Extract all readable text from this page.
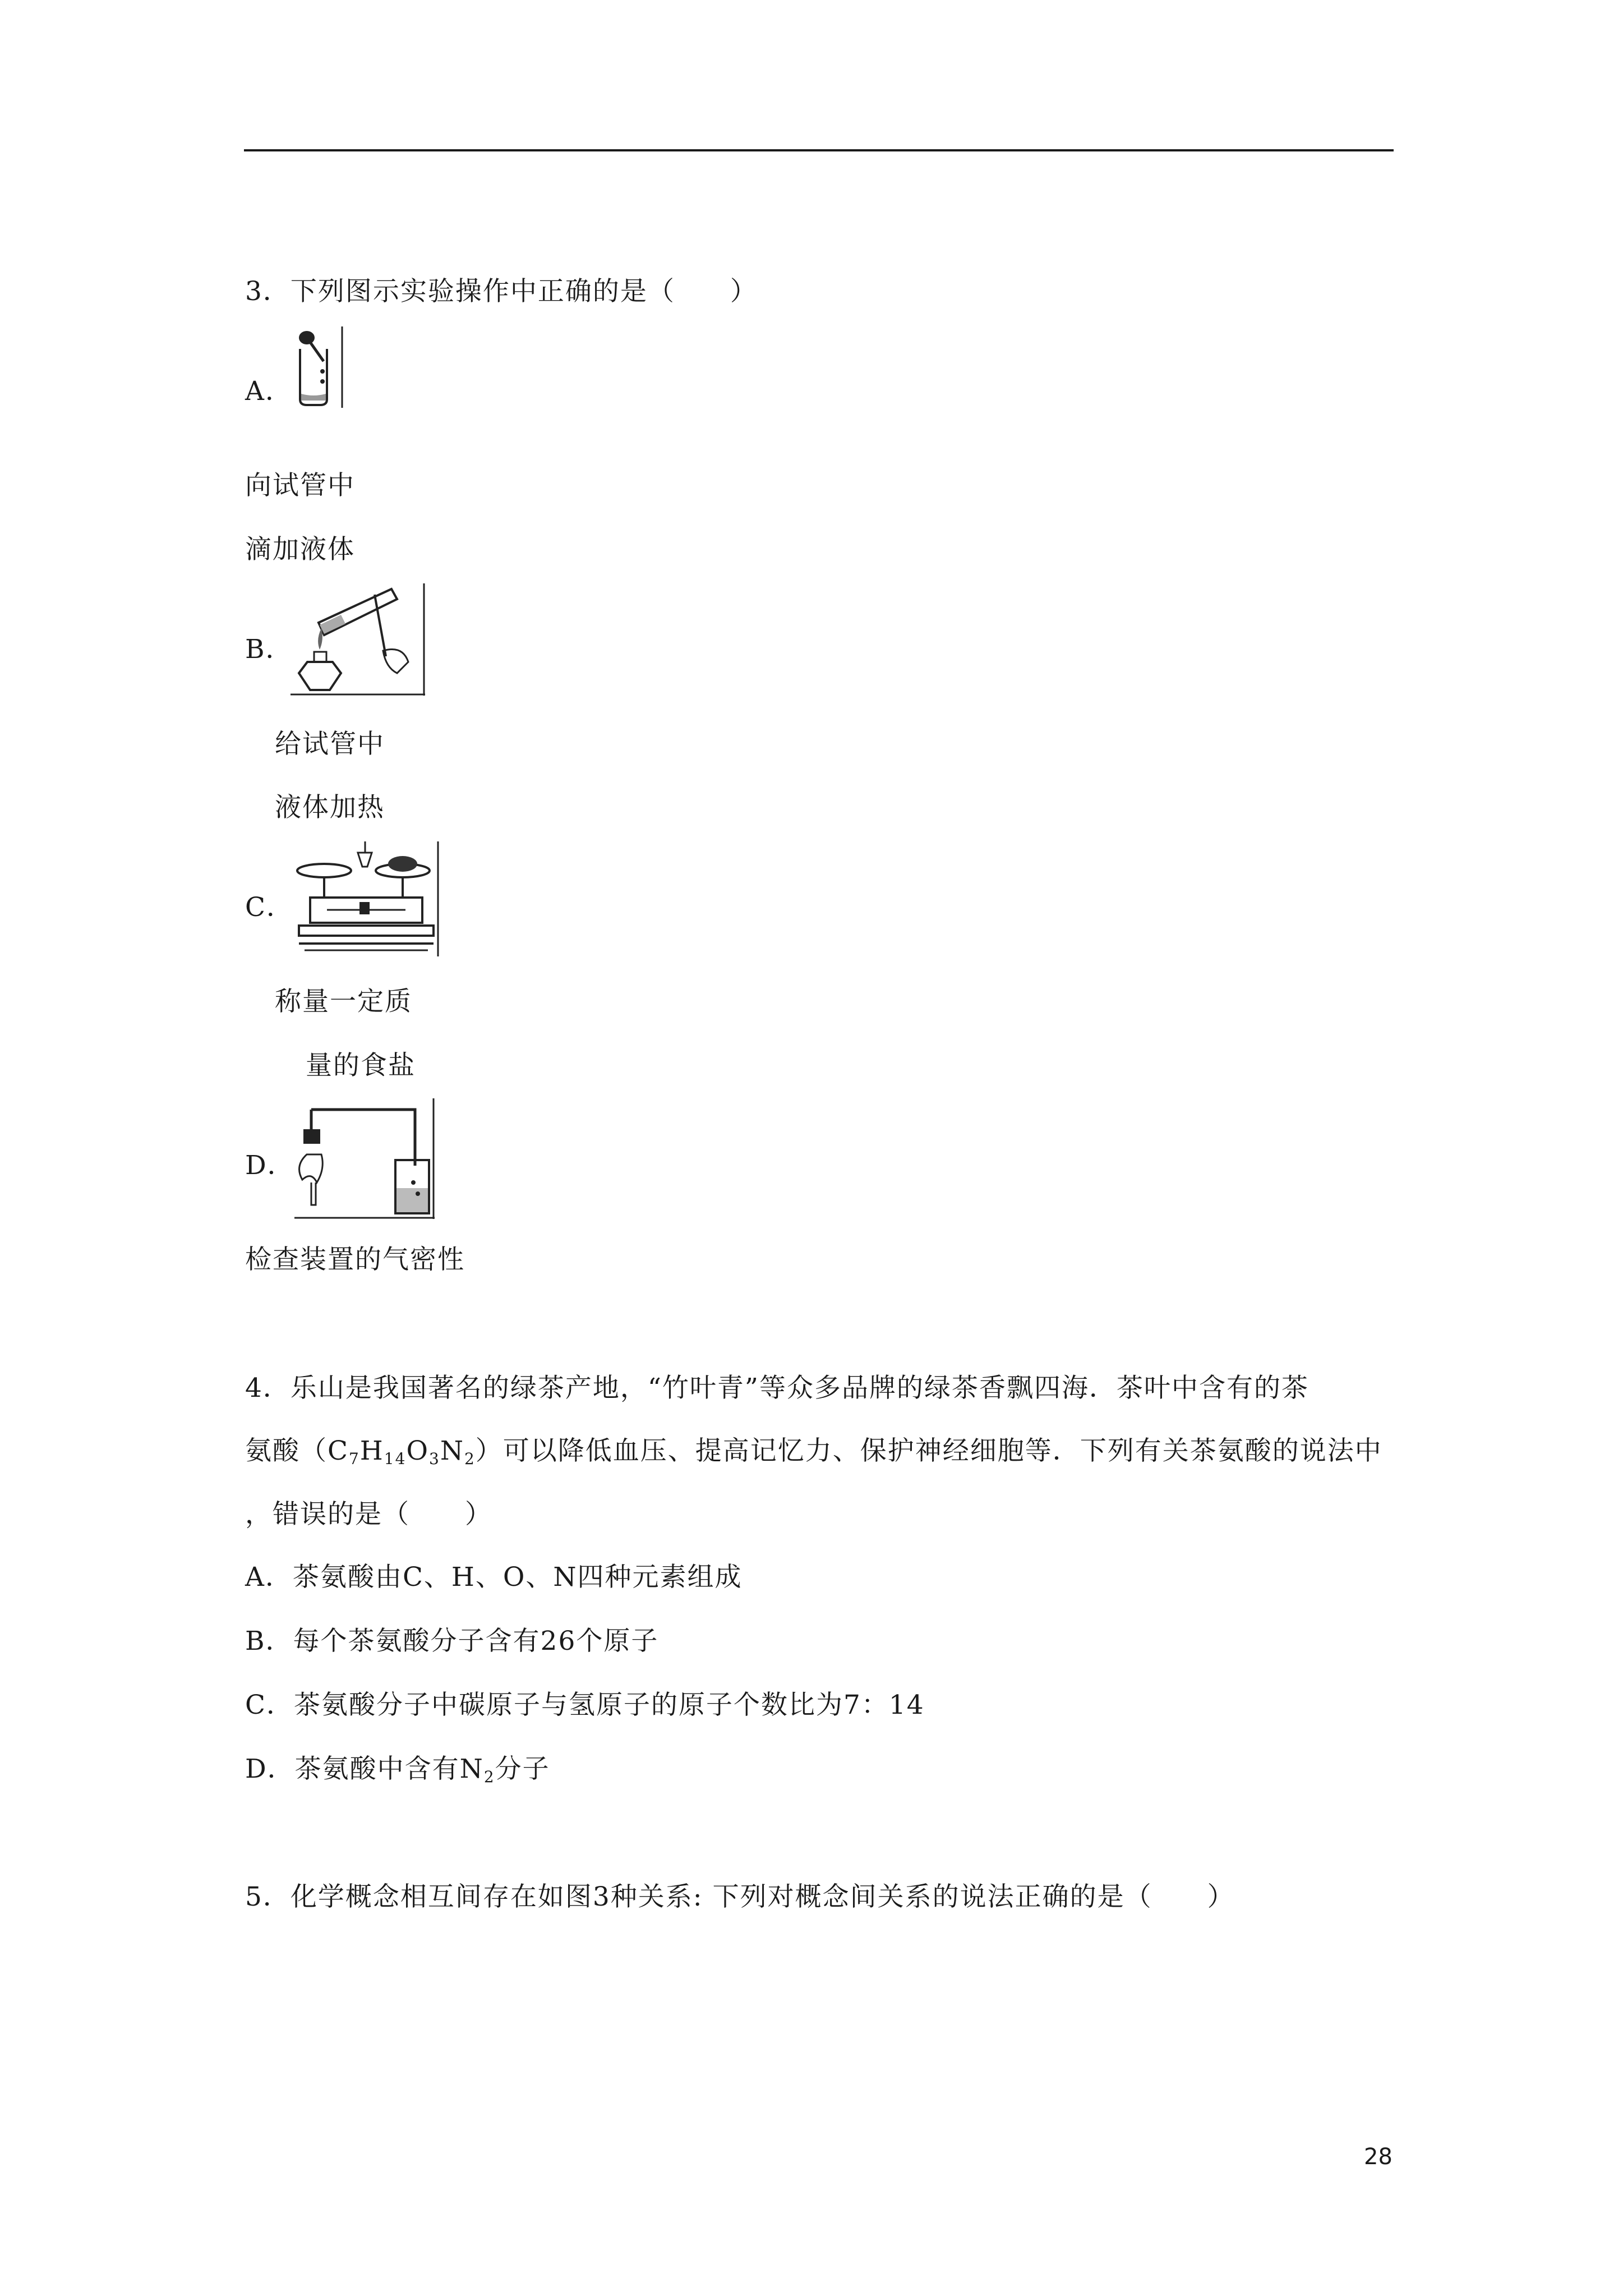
3．下列图示实验操作中正确的是（　　）
A．
向试管中
滴加液体
B．
给试管中
液体加热
C．
称量一定质
量的食盐
D．
检查装置的气密性
4．乐山是我国著名的绿茶产地，“竹叶青”等众多品牌的绿茶香飘四海．茶叶中含有的茶
氨酸$(C_7H_{14}O_3N_2)$可以降低血压、提高记忆力、保护神经细胞等．下列有关茶氨酸的说法中
，错误的是（　　）
A．茶氨酸由C、H、O、N四种元素组成
B．每个茶氨酸分子含有26个原子
C．茶氨酸分子中碳原子与氢原子的原子个数比为7：14
D．茶氨酸中含有$N_2$分子
5．化学概念相互间存在如图3种关系: 下列对概念间关系的说法正确的是（　　）
28
